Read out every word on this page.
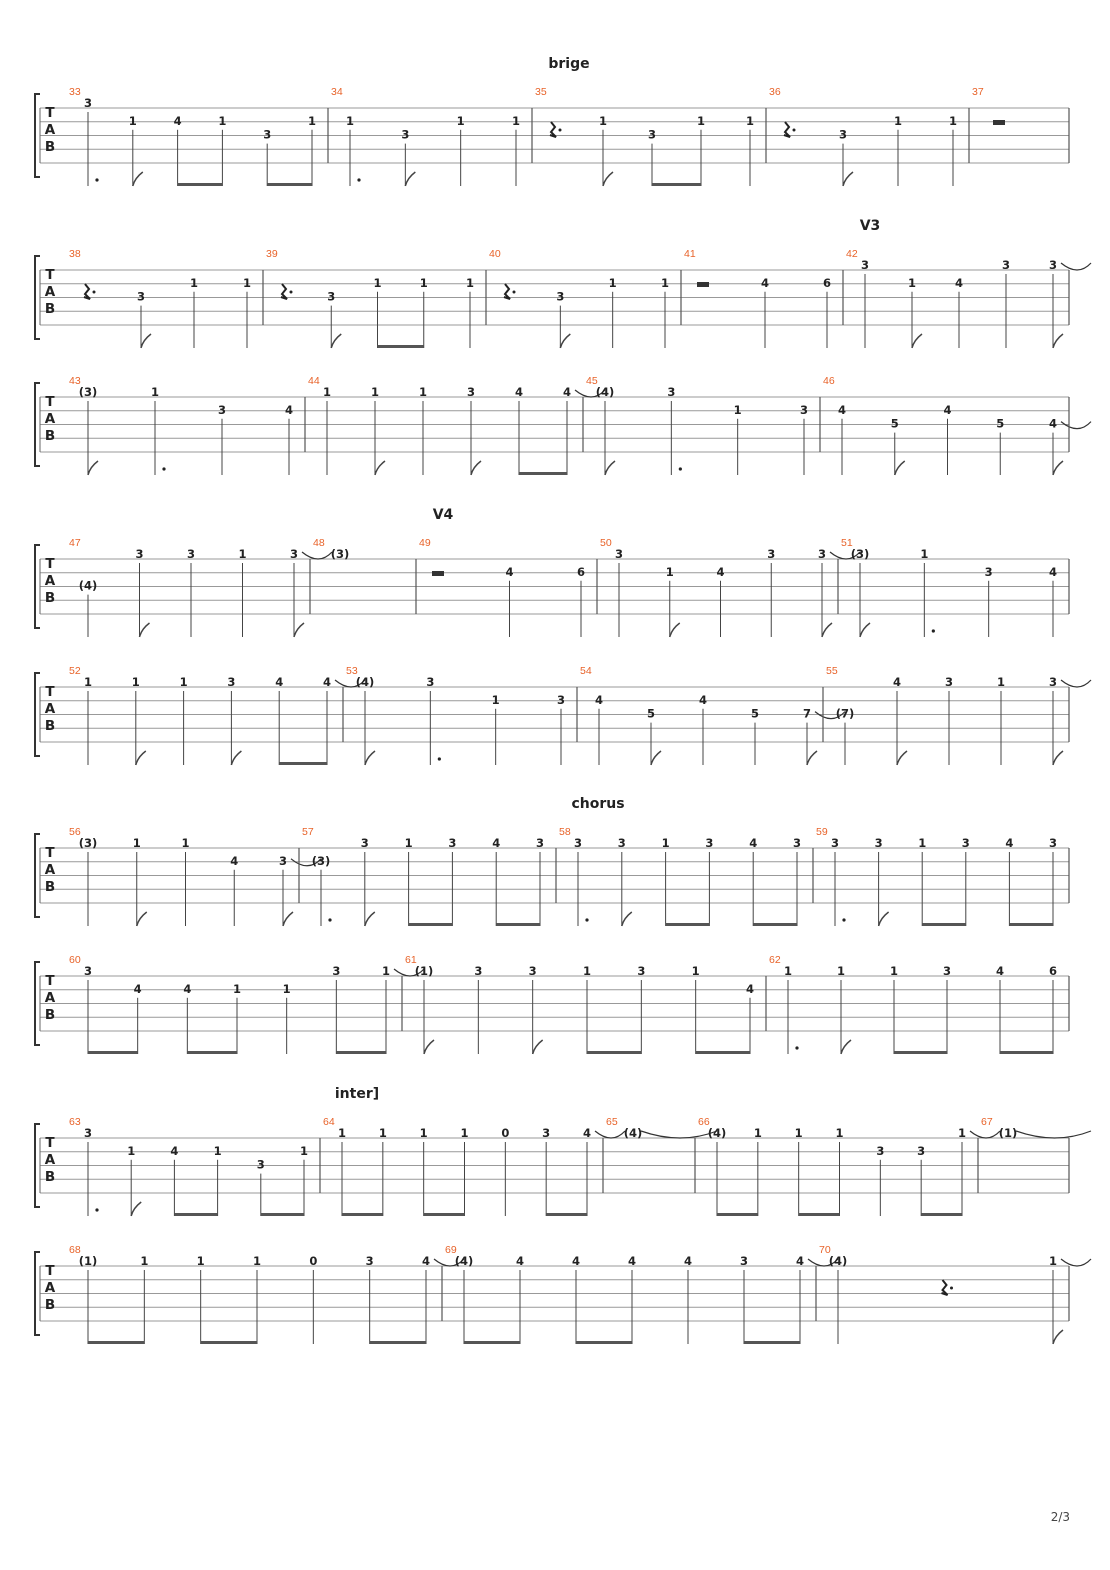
T
A
B
brige
33
3
1	4	1
3
1
34
1
3
1	1
35
1
3
1	1
36
3
1	1
37
T
A
B
V3
38
3
1	1
39
3
1	1	1
40
3
1	1
41
4	6
42
3
1	4
3	3
T
A
B
43
(3)	1
3	4
44
1	1	1	3	4	4
45
(4)	3
1	3
46
4
5
4
5	4
T
A
B
V4
47
(4)
3	3	1	3
48
(3)
49
4	6
50
3
1	4
3	3
51
(3)	1
3	4
T
A
B
52
1	1	1	3	4	4
53
(4)	3
1	3
54
4
5
4
5	7
55
(7)
4	3	1	3
T
A
B
chorus
56
(3)	1	1
4	3
57
(3)
3	1	3	4	3
58
3	3	1	3	4	3
59
3	3	1	3	4	3
T
A
B
60
3
4	4	1	1
3	1
61
(1)	3	3	1	3	1
4
62
1	1	1	3	4	6
T
A
B
inter]
63
3
1	4	1
3
1
64
1	1	1	1	0	3	4
65
(4)
66
(4) 1	1	1
3	3
1
67
(1)
T
A
B
68
(1)	1	1	1	0	3	4
69
(4)	4	4	4	4	3	4
70
(4)	1
2/3
